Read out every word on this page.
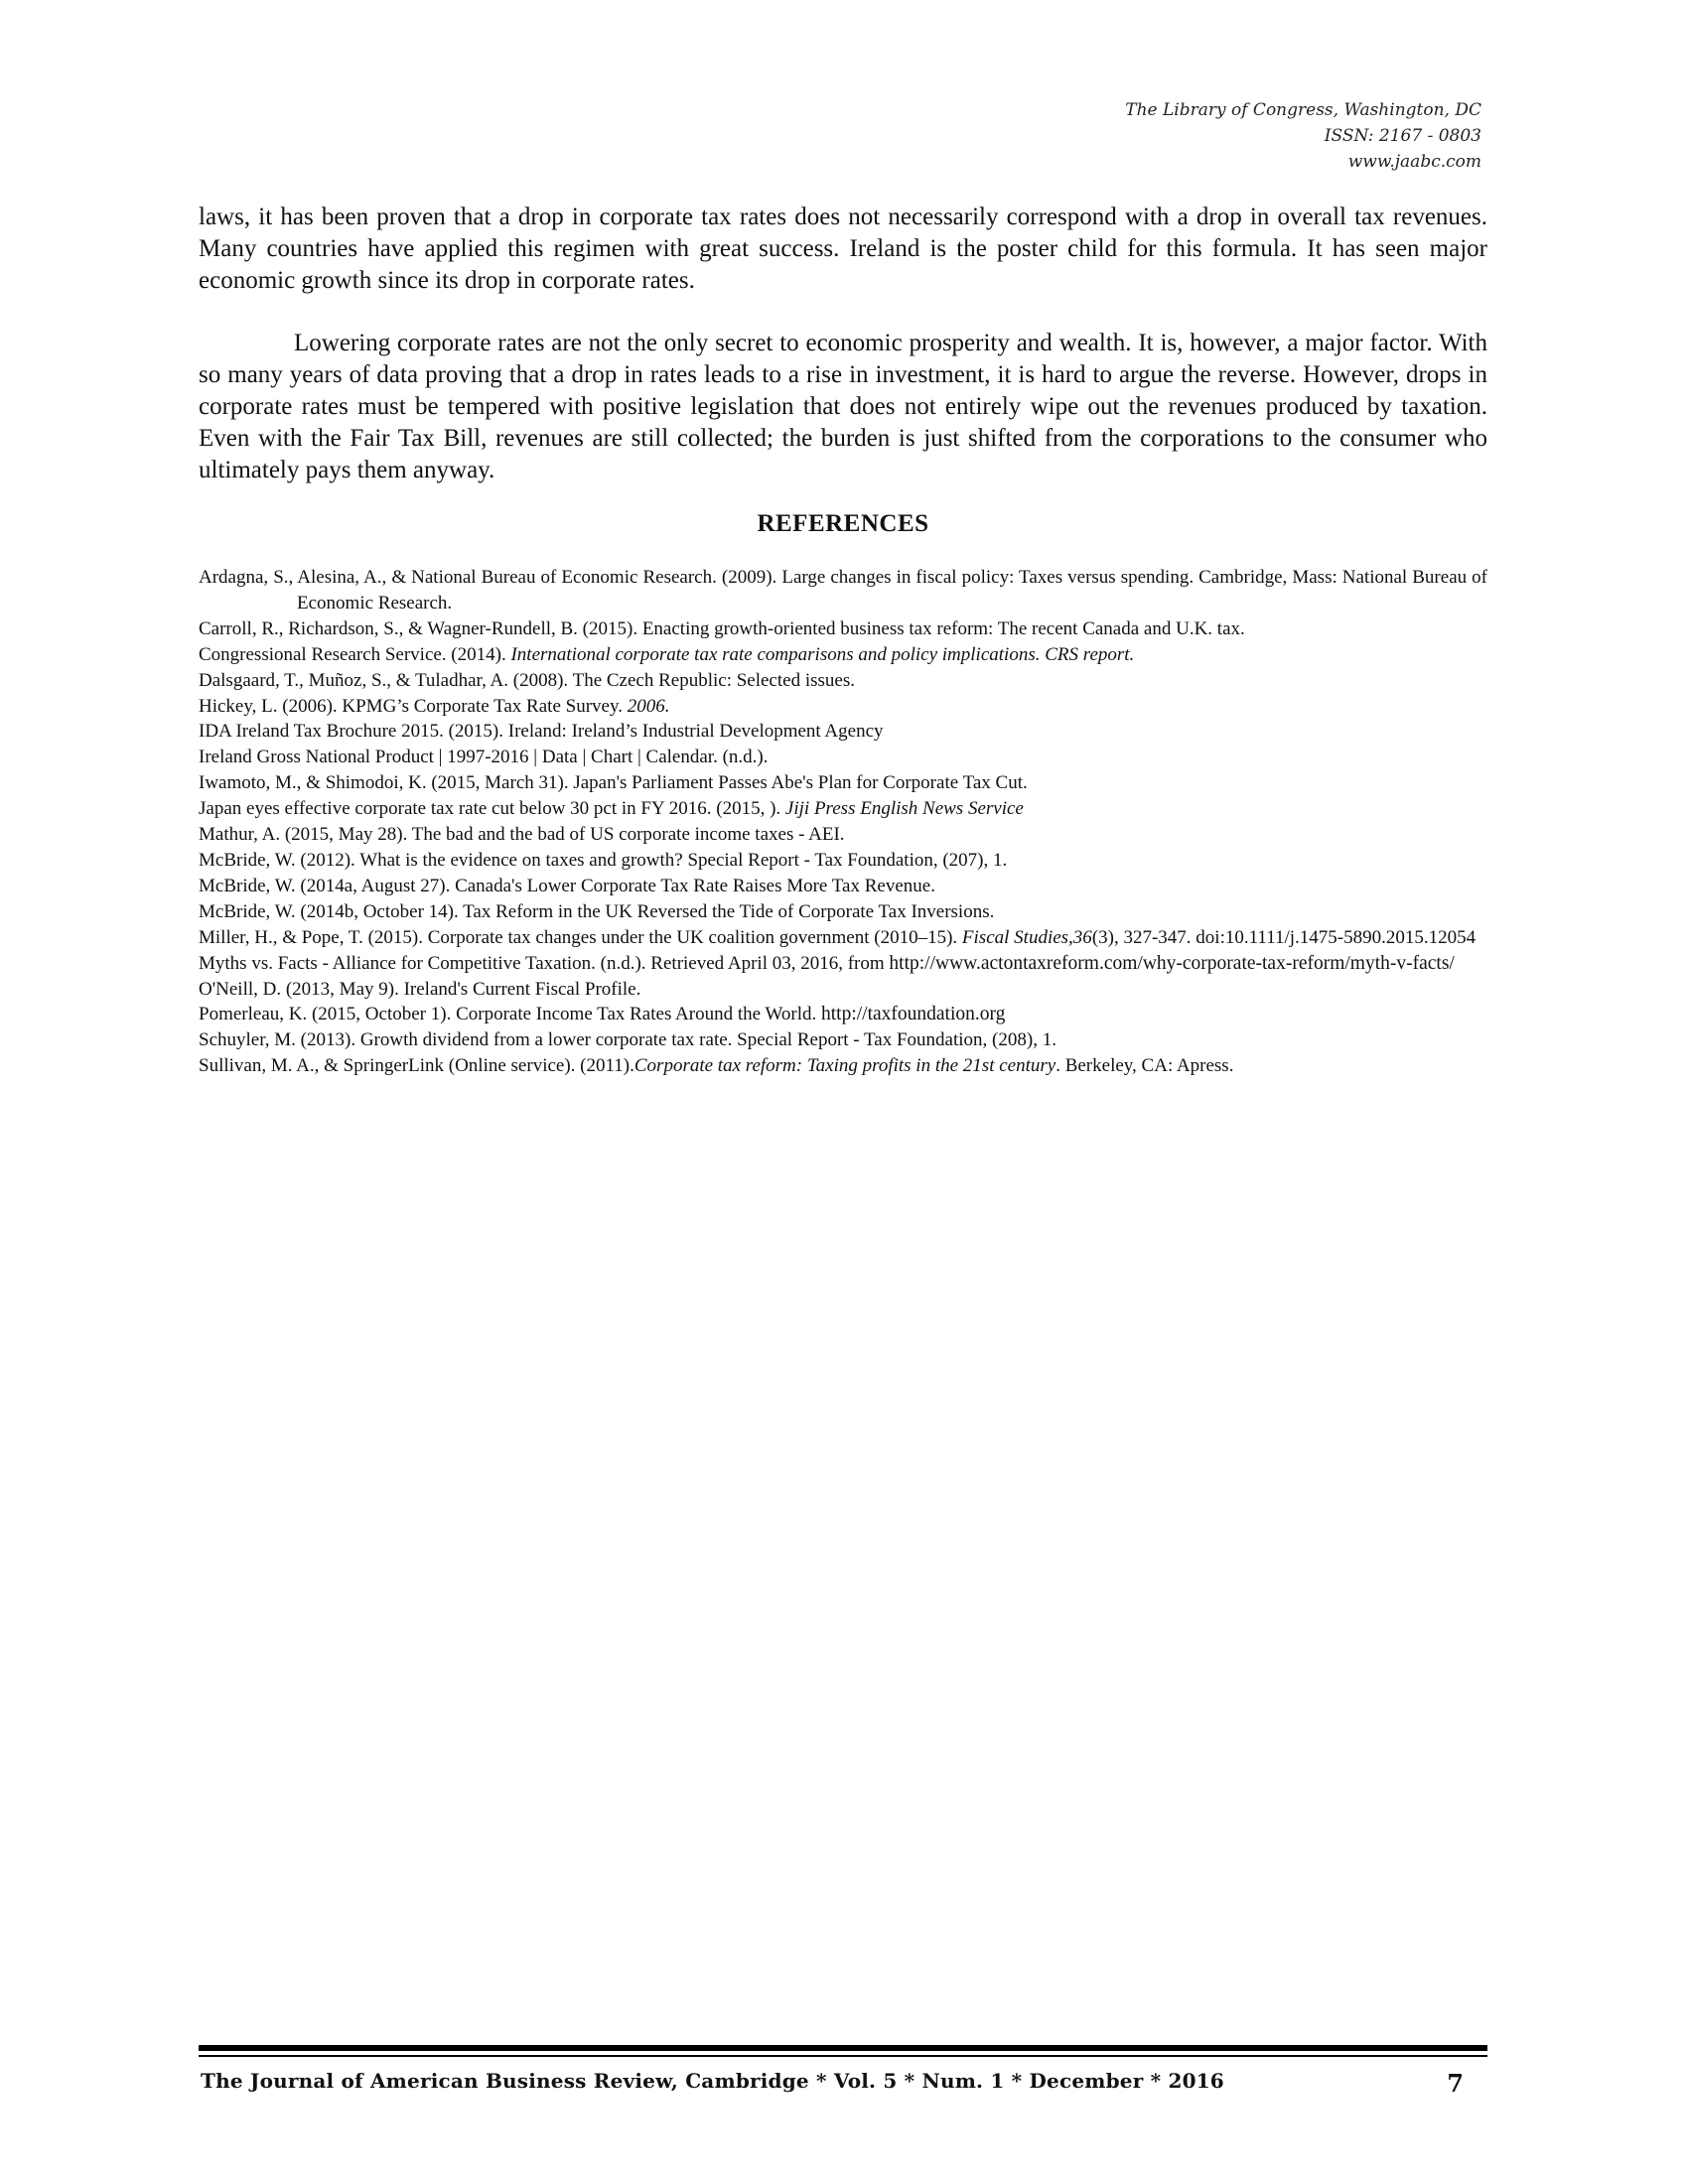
The Library of Congress, Washington, DC
ISSN: 2167 - 0803
www.jaabc.com

laws, it has been proven that a drop in corporate tax rates does not necessarily correspond with a drop in overall tax revenues. Many countries have applied this regimen with great success. Ireland is the poster child for this formula. It has seen major economic growth since its drop in corporate rates.

Lowering corporate rates are not the only secret to economic prosperity and wealth. It is, however, a major factor. With so many years of data proving that a drop in rates leads to a rise in investment, it is hard to argue the reverse. However, drops in corporate rates must be tempered with positive legislation that does not entirely wipe out the revenues produced by taxation. Even with the Fair Tax Bill, revenues are still collected; the burden is just shifted from the corporations to the consumer who ultimately pays them anyway.

REFERENCES

Ardagna, S., Alesina, A., & National Bureau of Economic Research. (2009). Large changes in fiscal policy: Taxes versus spending. Cambridge, Mass: National Bureau of Economic Research.

Carroll, R., Richardson, S., & Wagner-Rundell, B. (2015). Enacting growth-oriented business tax reform: The recent Canada and U.K. tax.

Congressional Research Service. (2014). International corporate tax rate comparisons and policy implications. CRS report.

Dalsgaard, T., Muñoz, S., & Tuladhar, A. (2008). The Czech Republic: Selected issues.

Hickey, L. (2006). KPMG’s Corporate Tax Rate Survey. 2006.

IDA Ireland Tax Brochure 2015. (2015). Ireland: Ireland’s Industrial Development Agency

Ireland Gross National Product | 1997-2016 | Data | Chart | Calendar. (n.d.).

Iwamoto, M., & Shimodoi, K. (2015, March 31). Japan's Parliament Passes Abe's Plan for Corporate Tax Cut.

Japan eyes effective corporate tax rate cut below 30 pct in FY 2016. (2015, ). Jiji Press English News Service

Mathur, A. (2015, May 28). The bad and the bad of US corporate income taxes - AEI.

McBride, W. (2012). What is the evidence on taxes and growth? Special Report - Tax Foundation, (207), 1.

McBride, W. (2014a, August 27). Canada's Lower Corporate Tax Rate Raises More Tax Revenue.

McBride, W. (2014b, October 14). Tax Reform in the UK Reversed the Tide of Corporate Tax Inversions.

Miller, H., & Pope, T. (2015). Corporate tax changes under the UK coalition government (2010–15). Fiscal Studies,36(3), 327-347. doi:10.1111/j.1475-5890.2015.12054

Myths vs. Facts - Alliance for Competitive Taxation. (n.d.). Retrieved April 03, 2016, from http://www.actontaxreform.com/why-corporate-tax-reform/myth-v-facts/

O'Neill, D. (2013, May 9). Ireland's Current Fiscal Profile.

Pomerleau, K. (2015, October 1). Corporate Income Tax Rates Around the World. http://taxfoundation.org

Schuyler, M. (2013). Growth dividend from a lower corporate tax rate. Special Report - Tax Foundation, (208), 1.

Sullivan, M. A., & SpringerLink (Online service). (2011).Corporate tax reform: Taxing profits in the 21st century. Berkeley, CA: Apress.

The Journal of American Business Review, Cambridge * Vol. 5 * Num. 1 * December * 2016	7
